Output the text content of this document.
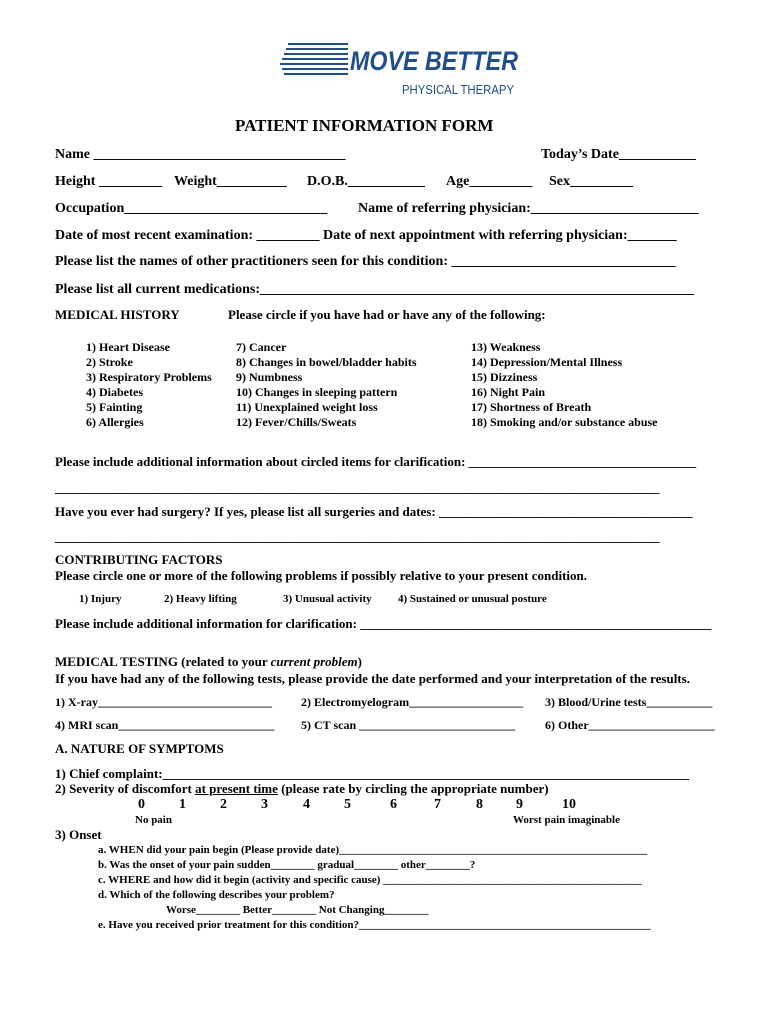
MOVE BETTER
PHYSICAL THERAPY
PATIENT INFORMATION FORM
Name ____________________________________	Today’s Date___________
Height _________ Weight__________ D.O.B.___________ Age_________ Sex_________
Occupation_____________________________ Name of referring physician:________________________
Date of most recent examination: _________ Date of next appointment with referring physician:_______
Please list the names of other practitioners seen for this condition: ________________________________
Please list all current medications:______________________________________________________________
MEDICAL HISTORY	Please circle if you have had or have any of the following:
1) Heart Disease
2) Stroke
3) Respiratory Problems
4) Diabetes
5) Fainting
6) Allergies
7) Cancer
8) Changes in bowel/bladder habits
9) Numbness
10) Changes in sleeping pattern
11) Unexplained weight loss
12) Fever/Chills/Sweats
13) Weakness
14) Depression/Mental Illness
15) Dizziness
16) Night Pain
17) Shortness of Breath
18) Smoking and/or substance abuse
Please include additional information about circled items for clarification: ___________________________________
_____________________________________________________________________________________________
Have you ever had surgery? If yes, please list all surgeries and dates: _______________________________________
_____________________________________________________________________________________________
CONTRIBUTING FACTORS
Please circle one or more of the following problems if possibly relative to your present condition.
1) Injury	2) Heavy lifting	3) Unusual activity 4) Sustained or unusual posture
Please include additional information for clarification: ______________________________________________________
MEDICAL TESTING (related to your current problem)
If you have had any of the following tests, please provide the date performed and your interpretation of the results.
1) X-ray_____________________________ 2) Electromyelogram___________________ 3) Blood/Urine tests___________
4) MRI scan__________________________ 5) CT scan __________________________ 6) Other_____________________
A. NATURE OF SYMPTOMS
1) Chief complaint:_________________________________________________________________________________
2) Severity of discomfort at present time (please rate by circling the appropriate number)
0 1 2 3	4 5	6	7	8 9	10
No pain	Worst pain imaginable
3) Onset
a. WHEN did your pain begin (Please provide date)________________________________________________________
b. Was the onset of your pain sudden________ gradual________ other________?
c. WHERE and how did it begin (activity and specific cause) _______________________________________________
d. Which of the following describes your problem?
Worse________ Better________ Not Changing________
e. Have you received prior treatment for this condition?_____________________________________________________
